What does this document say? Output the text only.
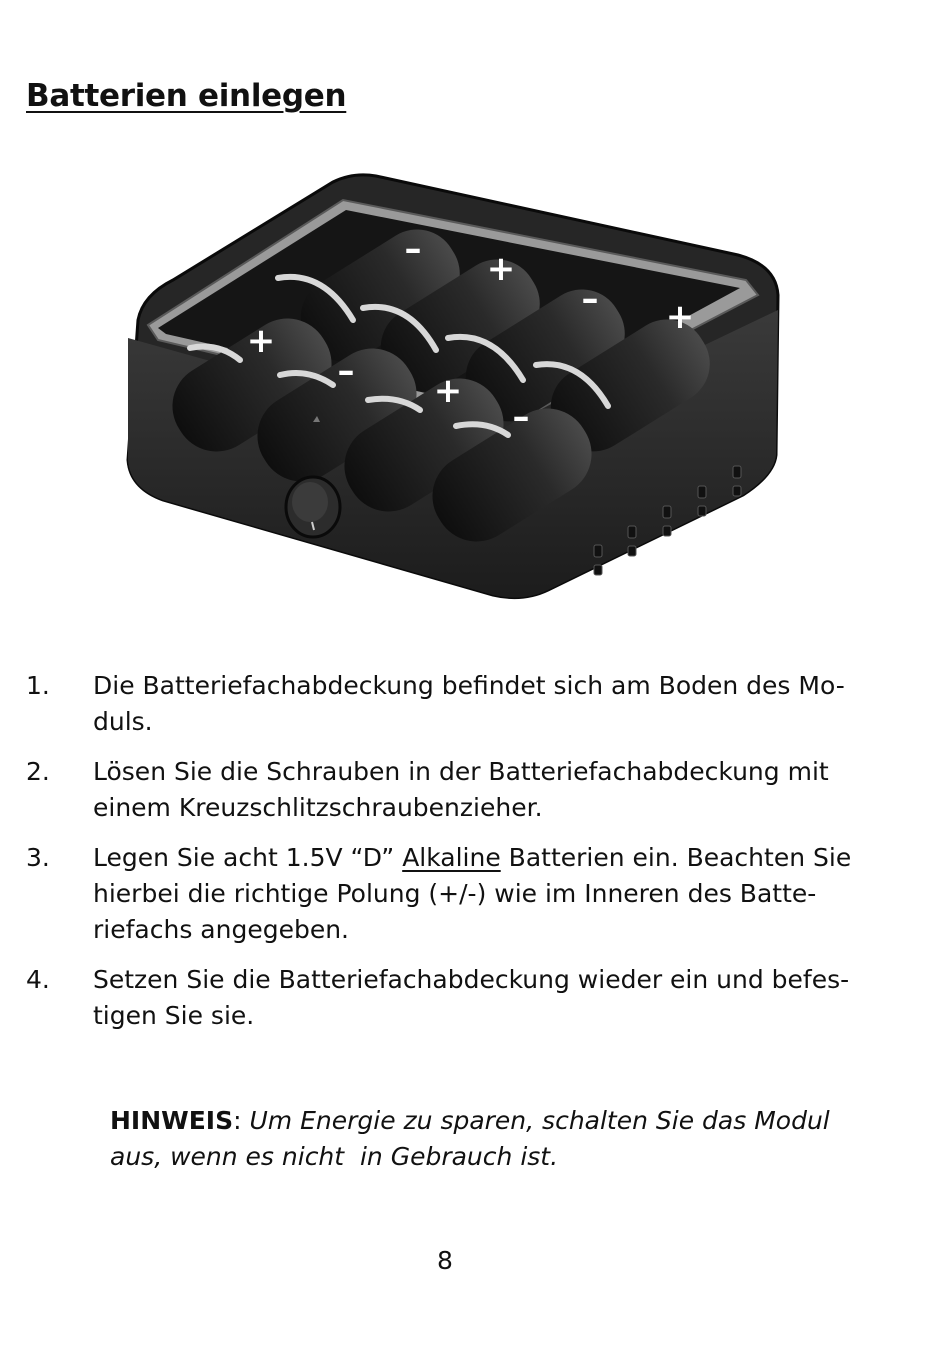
Batterien einlegen
– +
– +
+
– +
–
1. Die Batteriefachabdeckung befindet sich am Boden des Mo-
duls.
2. Lösen Sie die Schrauben in der Batteriefachabdeckung mit
einem Kreuzschlitzschraubenzieher.
3. Legen Sie acht 1.5V “D” Alkaline Batterien ein. Beachten Sie
hierbei die richtige Polung (+/-) wie im Inneren des Batte-
riefachs angegeben.
4. Setzen Sie die Batteriefachabdeckung wieder ein und befes-
tigen Sie sie.
HINWEIS: Um Energie zu sparen, schalten Sie das Modul
aus, wenn es nicht  in Gebrauch ist.
8
